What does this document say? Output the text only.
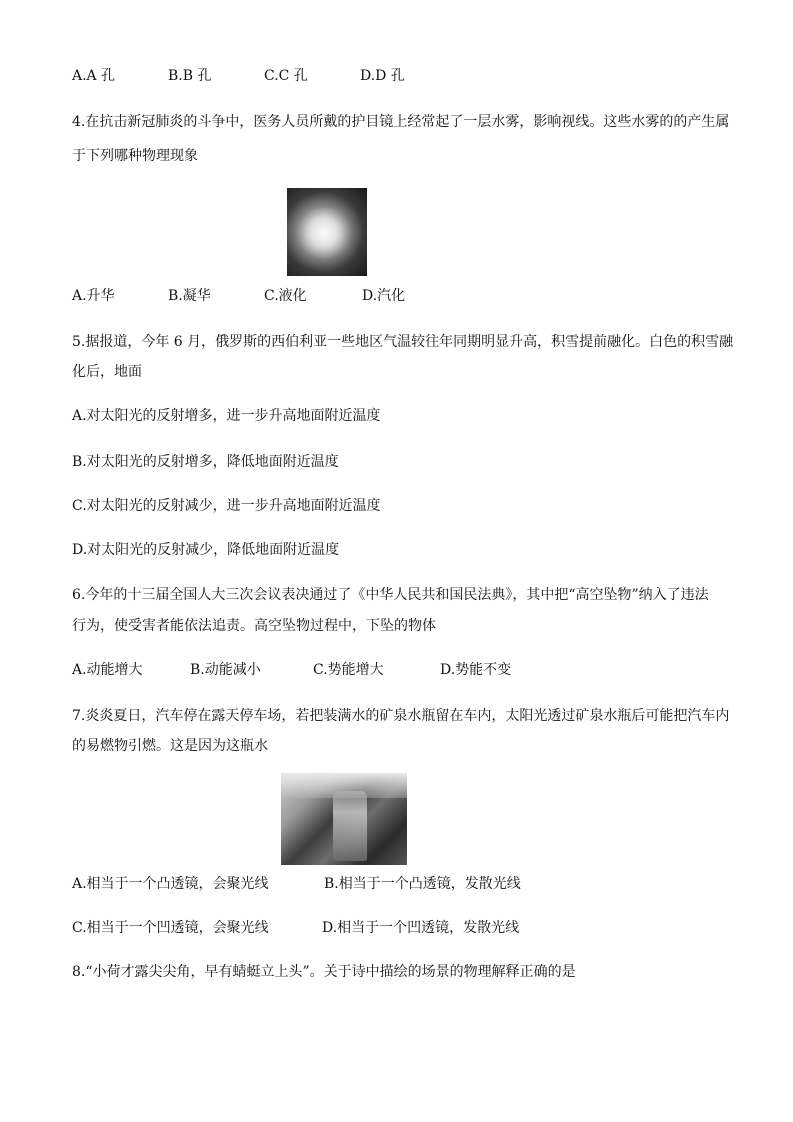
A.A 孔	B.B 孔	C.C 孔	D.D 孔
4.在抗击新冠肺炎的斗争中，医务人员所戴的护目镜上经常起了一层水雾，影响视线。这些水雾的的产生属
于下列哪种物理现象
A.升华	B.凝华	C.液化	D.汽化
5.据报道，今年 6 月，俄罗斯的西伯利亚一些地区气温较往年同期明显升高，积雪提前融化。白色的积雪融
化后，地面
A.对太阳光的反射增多，进一步升高地面附近温度
B.对太阳光的反射增多，降低地面附近温度
C.对太阳光的反射减少，进一步升高地面附近温度
D.对太阳光的反射减少，降低地面附近温度
6.今年的十三届全国人大三次会议表决通过了《中华人民共和国民法典》，其中把“高空坠物”纳入了违法
行为，使受害者能依法追责。高空坠物过程中，下坠的物体
A.动能增大	B.动能减小	C.势能增大	D.势能不变
7.炎炎夏日，汽车停在露天停车场，若把装满水的矿泉水瓶留在车内，太阳光透过矿泉水瓶后可能把汽车内
的易燃物引燃。这是因为这瓶水
A.相当于一个凸透镜，会聚光线	B.相当于一个凸透镜，发散光线
C.相当于一个凹透镜，会聚光线	D.相当于一个凹透镜，发散光线
8.“小荷才露尖尖角，早有蜻蜓立上头”。关于诗中描绘的场景的物理解释正确的是
